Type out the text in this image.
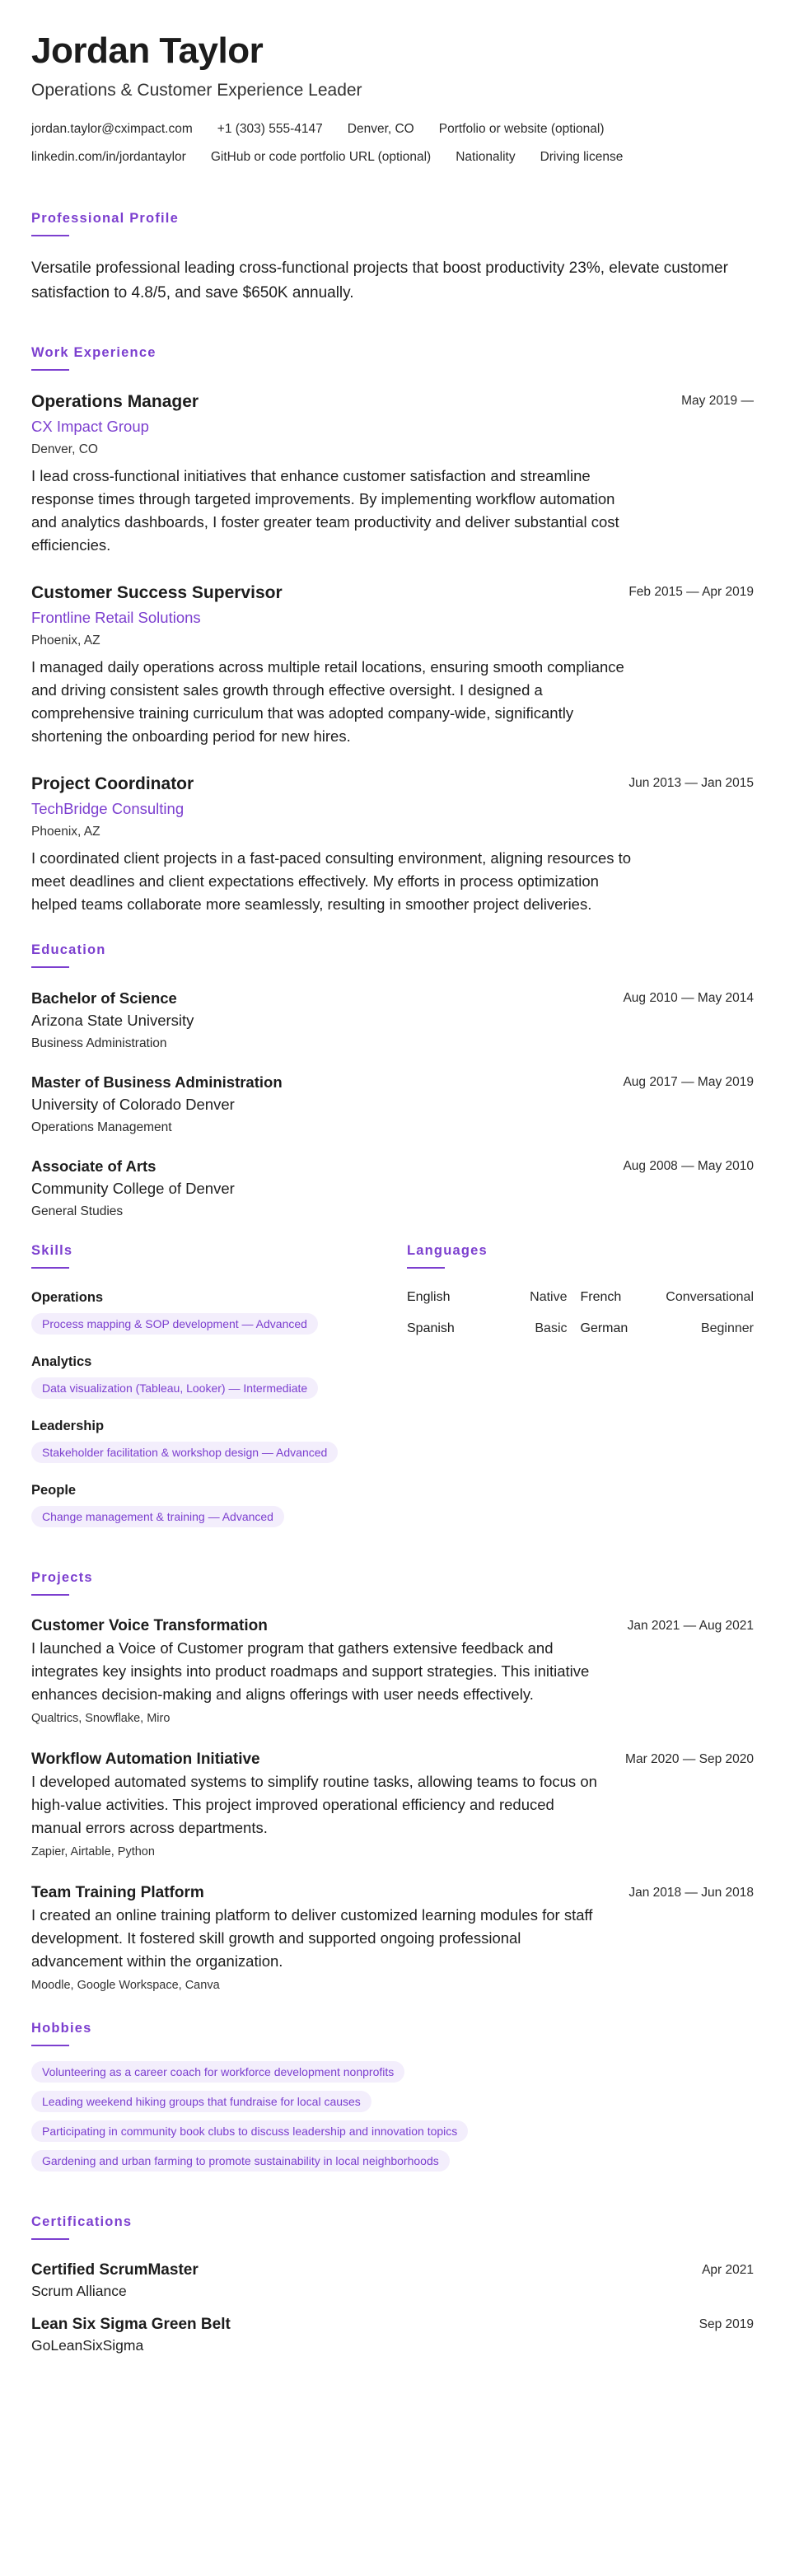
Jordan Taylor
Operations & Customer Experience Leader
jordan.taylor@cximpact.com +1 (303) 555-4147 Denver, CO Portfolio or website (optional)
linkedin.com/in/jordantaylor GitHub or code portfolio URL (optional) Nationality Driving license
Professional Profile

Versatile professional leading cross-functional projects that boost productivity 23%, elevate customer satisfaction to 4.8/5, and save $650K annually.

Work Experience
Operations Manager	May 2019 —
CX Impact Group
Denver, CO

I lead cross-functional initiatives that enhance customer satisfaction and streamline response times through targeted improvements. By implementing workflow automation and analytics dashboards, I foster greater team productivity and deliver substantial cost efficiencies.

Customer Success Supervisor	Feb 2015 — Apr 2019
Frontline Retail Solutions
Phoenix, AZ

I managed daily operations across multiple retail locations, ensuring smooth compliance and driving consistent sales growth through effective oversight. I designed a comprehensive training curriculum that was adopted company-wide, significantly shortening the onboarding period for new hires.

Project Coordinator	Jun 2013 — Jan 2015
TechBridge Consulting
Phoenix, AZ

I coordinated client projects in a fast-paced consulting environment, aligning resources to meet deadlines and client expectations effectively. My efforts in process optimization helped teams collaborate more seamlessly, resulting in smoother project deliveries.

Education
Bachelor of Science	Aug 2010 — May 2014
Arizona State University
Business Administration
Master of Business Administration	Aug 2017 — May 2019
University of Colorado Denver
Operations Management
Associate of Arts	Aug 2008 — May 2010
Community College of Denver
General Studies
Skills
Operations
Process mapping & SOP development — Advanced
Analytics
Data visualization (Tableau, Looker) — Intermediate
Leadership
Stakeholder facilitation & workshop design — Advanced
People
Change management & training — Advanced
Languages
English	Native French	Conversational
Spanish	Basic German	Beginner
Projects
Customer Voice Transformation	Jan 2021 — Aug 2021

I launched a Voice of Customer program that gathers extensive feedback and integrates key insights into product roadmaps and support strategies. This initiative enhances decision-making and aligns offerings with user needs effectively.

Qualtrics, Snowflake, Miro
Workflow Automation Initiative	Mar 2020 — Sep 2020

I developed automated systems to simplify routine tasks, allowing teams to focus on high-value activities. This project improved operational efficiency and reduced manual errors across departments.

Zapier, Airtable, Python
Team Training Platform	Jan 2018 — Jun 2018

I created an online training platform to deliver customized learning modules for staff development. It fostered skill growth and supported ongoing professional advancement within the organization.

Moodle, Google Workspace, Canva
Hobbies
Volunteering as a career coach for workforce development nonprofits
Leading weekend hiking groups that fundraise for local causes
Participating in community book clubs to discuss leadership and innovation topics
Gardening and urban farming to promote sustainability in local neighborhoods
Certifications
Certified ScrumMaster	Apr 2021
Scrum Alliance
Lean Six Sigma Green Belt	Sep 2019
GoLeanSixSigma
